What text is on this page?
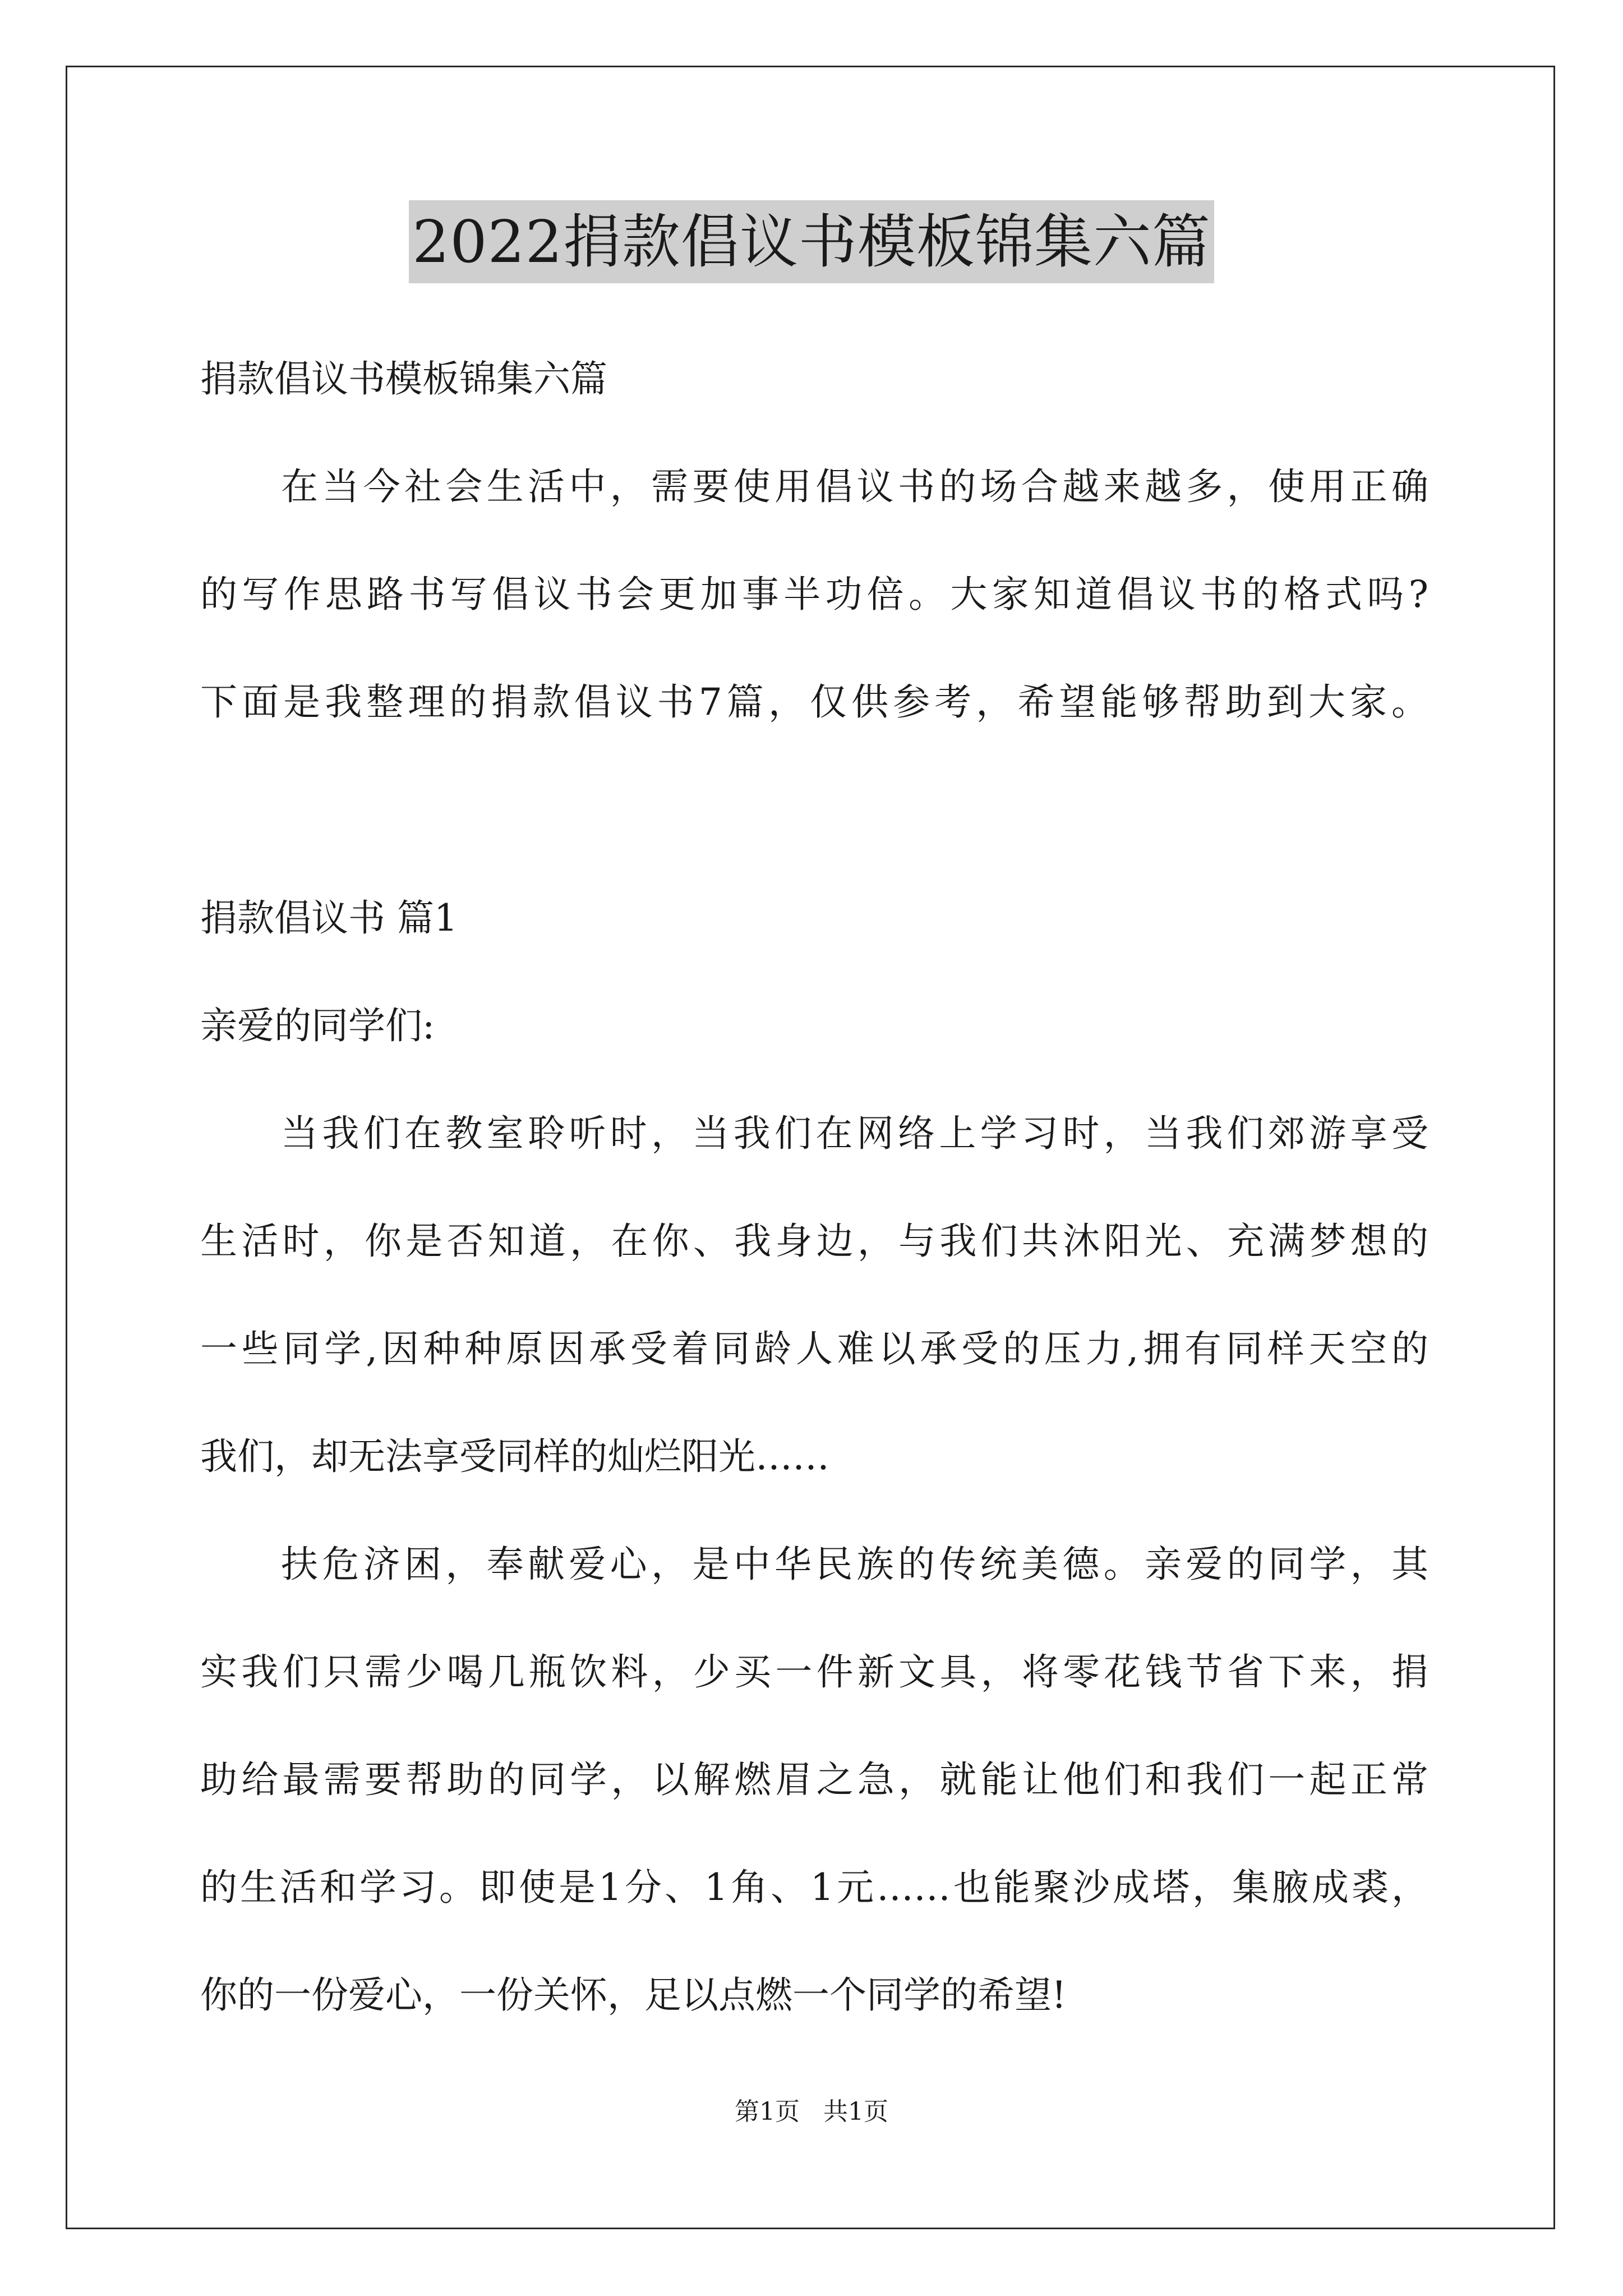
2022捐款倡议书模板锦集六篇
捐款倡议书模板锦集六篇
在当今社会生活中，需要使用倡议书的场合越来越多，使用正确
的写作思路书写倡议书会更加事半功倍。大家知道倡议书的格式吗?
下面是我整理的捐款倡议书7篇，仅供参考，希望能够帮助到大家。
捐款倡议书 篇1
亲爱的同学们:
当我们在教室聆听时，当我们在网络上学习时，当我们郊游享受
生活时，你是否知道，在你、我身边，与我们共沐阳光、充满梦想的
一些同学,因种种原因承受着同龄人难以承受的压力,拥有同样天空的
我们，却无法享受同样的灿烂阳光……
扶危济困，奉献爱心，是中华民族的传统美德。亲爱的同学，其
实我们只需少喝几瓶饮料，少买一件新文具，将零花钱节省下来，捐
助给最需要帮助的同学，以解燃眉之急，就能让他们和我们一起正常
的生活和学习。即使是1分、1角、1元……也能聚沙成塔，集腋成裘，
你的一份爱心，一份关怀，足以点燃一个同学的希望!
第1页   共1页
